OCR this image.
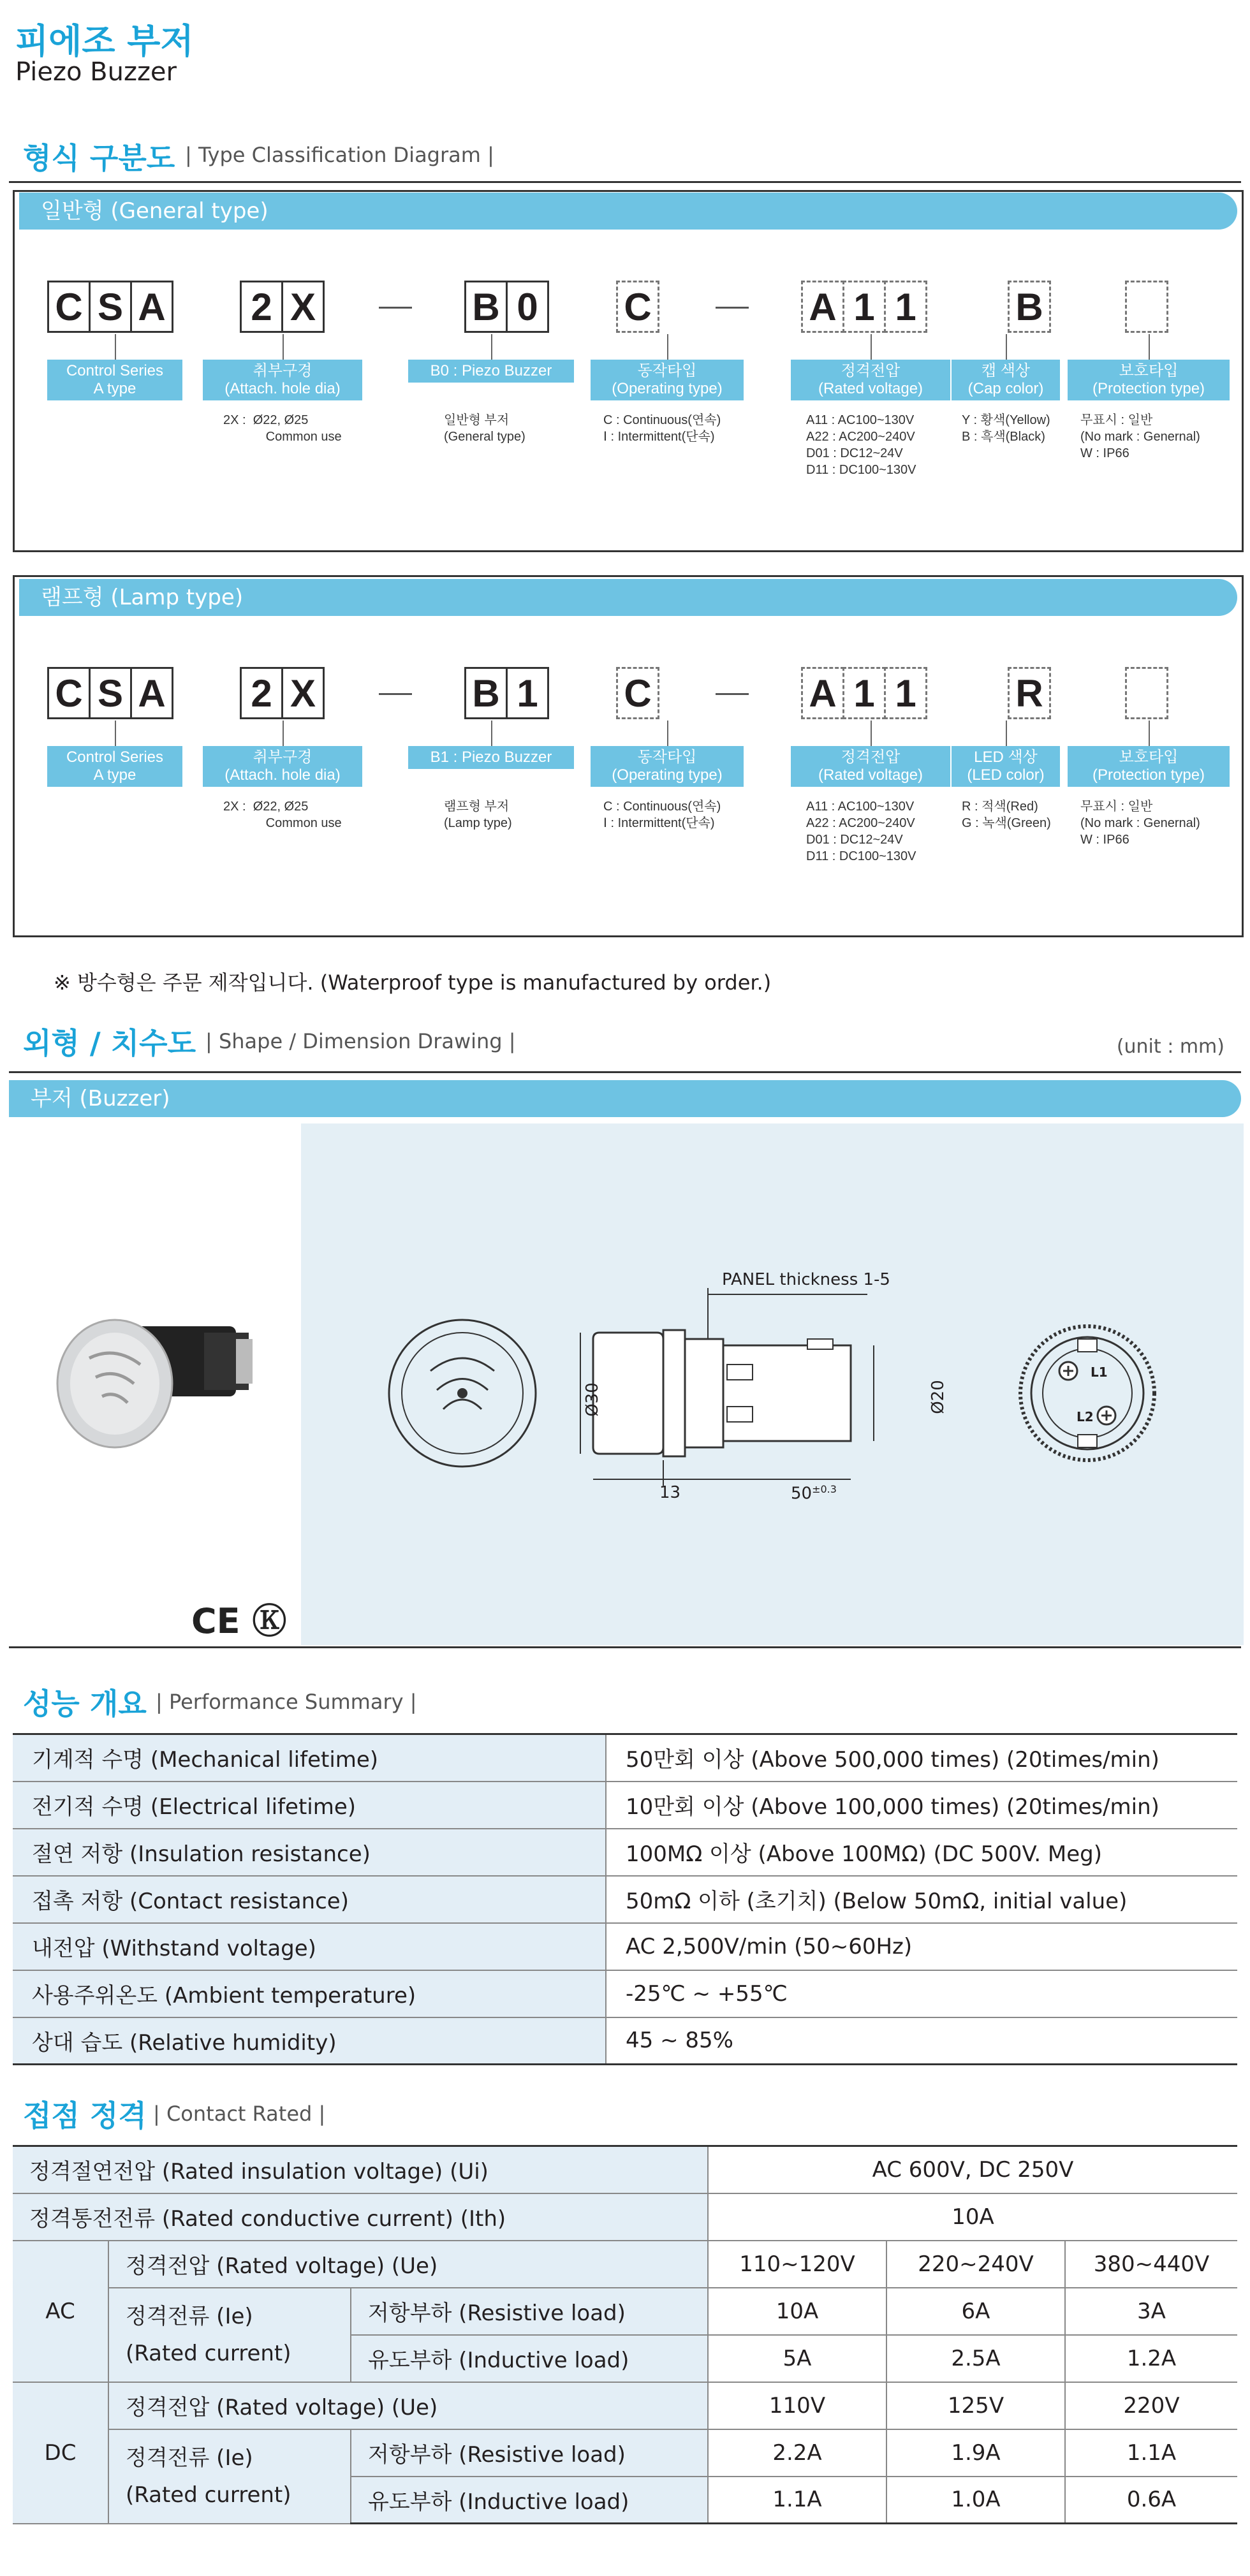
피에조 부저
Piezo Buzzer
형식 구분도 | Type Classification Diagram |
일반형 (General type)
C S A 2 X	B 0 C	A 1 1	B
Control Series
A type
취부구경
(Attach. hole dia)
B0 : Piezo Buzzer	동작타입
(Operating type)
정격전압
(Rated voltage)
캡 색상
(Cap color)
보호타입
(Protection type)
2X :  Ø22, Ø25
Common use
일반형 부저
(General type)
C : Continuous(연속)
Ⅰ : Intermittent(단속)
A11 : AC100~130V
A22 : AC200~240V
D01 : DC12~24V
D11 : DC100~130V
Y : 황색(Yellow)
B : 흑색(Black)
무표시 : 일반
(No mark : Genernal)
W : IP66
램프형 (Lamp type)
C S A 2 X	B 1 C	A 1 1	R
Control Series
A type
취부구경
(Attach. hole dia)
B1 : Piezo Buzzer	동작타입
(Operating type)
정격전압
(Rated voltage)
LED 색상
(LED color)
보호타입
(Protection type)
2X :  Ø22, Ø25
Common use
램프형 부저
(Lamp type)
C : Continuous(연속)
Ⅰ : Intermittent(단속)
A11 : AC100~130V
A22 : AC200~240V
D01 : DC12~24V
D11 : DC100~130V
R : 적색(Red)
G : 녹색(Green)
무표시 : 일반
(No mark : Genernal)
W : IP66
※ 방수형은 주문 제작입니다. (Waterproof type is manufactured by order.)
외형 / 치수도 | Shape / Dimension Drawing |	(unit : mm)
부저 (Buzzer)
CE Ⓚ
PANEL thickness 1-5
Ø30	Ø20
13	$50^{\pm 0.3}$
L1
L2
성능 개요 | Performance Summary |
기계적 수명 (Mechanical lifetime)	50만회 이상 (Above 500,000 times) (20times/min)
전기적 수명 (Electrical lifetime)	10만회 이상 (Above 100,000 times) (20times/min)
절연 저항 (Insulation resistance)	100MΩ 이상 (Above 100MΩ) (DC 500V. Meg)
접촉 저항 (Contact resistance)	50mΩ 이하 (초기치) (Below 50mΩ, initial value)
내전압 (Withstand voltage)	AC 2,500V/min (50~60Hz)
사용주위온도 (Ambient temperature)	-25℃ ~ +55℃
상대 습도 (Relative humidity)	45 ~ 85%
접점 정격 | Contact Rated |
정격절연전압 (Rated insulation voltage) (Ui)			AC 600V, DC 250V		
정격통전전류 (Rated conductive current) (Ith)			10A		
AC	정격전압 (Rated voltage) (Ue)		110~120V	220~240V	380~440V
	정격전류 (Ie)
(Rated current)	저항부하 (Resistive load)	10A	6A	3A
		유도부하 (Inductive load)	5A	2.5A	1.2A
DC	정격전압 (Rated voltage) (Ue)		110V	125V	220V
	정격전류 (Ie)
(Rated current)	저항부하 (Resistive load)	2.2A	1.9A	1.1A
		유도부하 (Inductive load)	1.1A	1.0A	0.6A
